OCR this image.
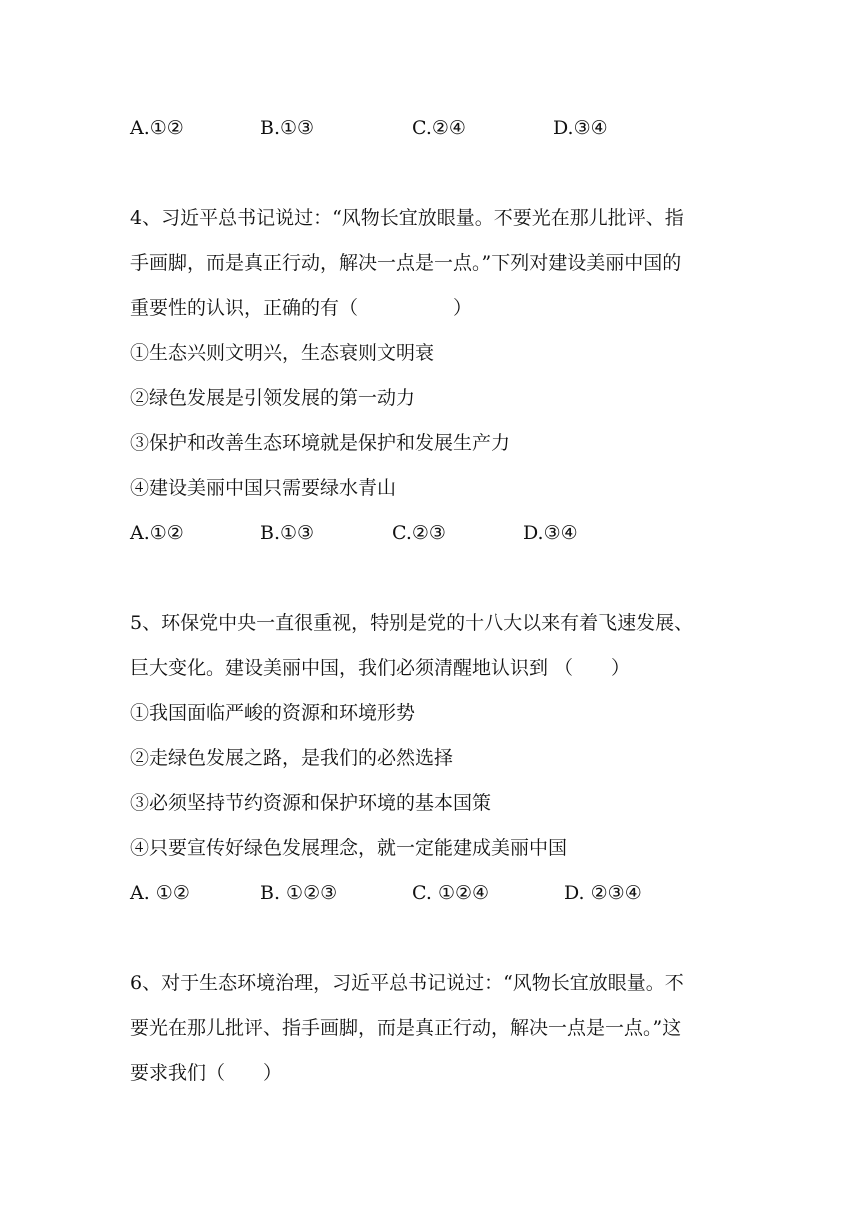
A.①②	B.①③	C.②④	D.③④
4、习近平总书记说过：“风物长宜放眼量。不要光在那儿批评、指
手画脚，而是真正行动，解决一点是一点。”下列对建设美丽中国的
重要性的认识，正确的有（　　　　　）
①生态兴则文明兴，生态衰则文明衰
②绿色发展是引领发展的第一动力
③保护和改善生态环境就是保护和发展生产力
④建设美丽中国只需要绿水青山
A.①②	B.①③	C.②③	D.③④
5、环保党中央一直很重视，特别是党的十八大以来有着飞速发展、
巨大变化。建设美丽中国，我们必须清醒地认识到 （　　）
①我国面临严峻的资源和环境形势
②走绿色发展之路，是我们的必然选择
③必须坚持节约资源和保护环境的基本国策
④只要宣传好绿色发展理念，就一定能建成美丽中国
A. ①②	B. ①②③	C. ①②④	D. ②③④
6、对于生态环境治理，习近平总书记说过：“风物长宜放眼量。不
要光在那儿批评、指手画脚，而是真正行动，解决一点是一点。”这
要求我们（　　）
